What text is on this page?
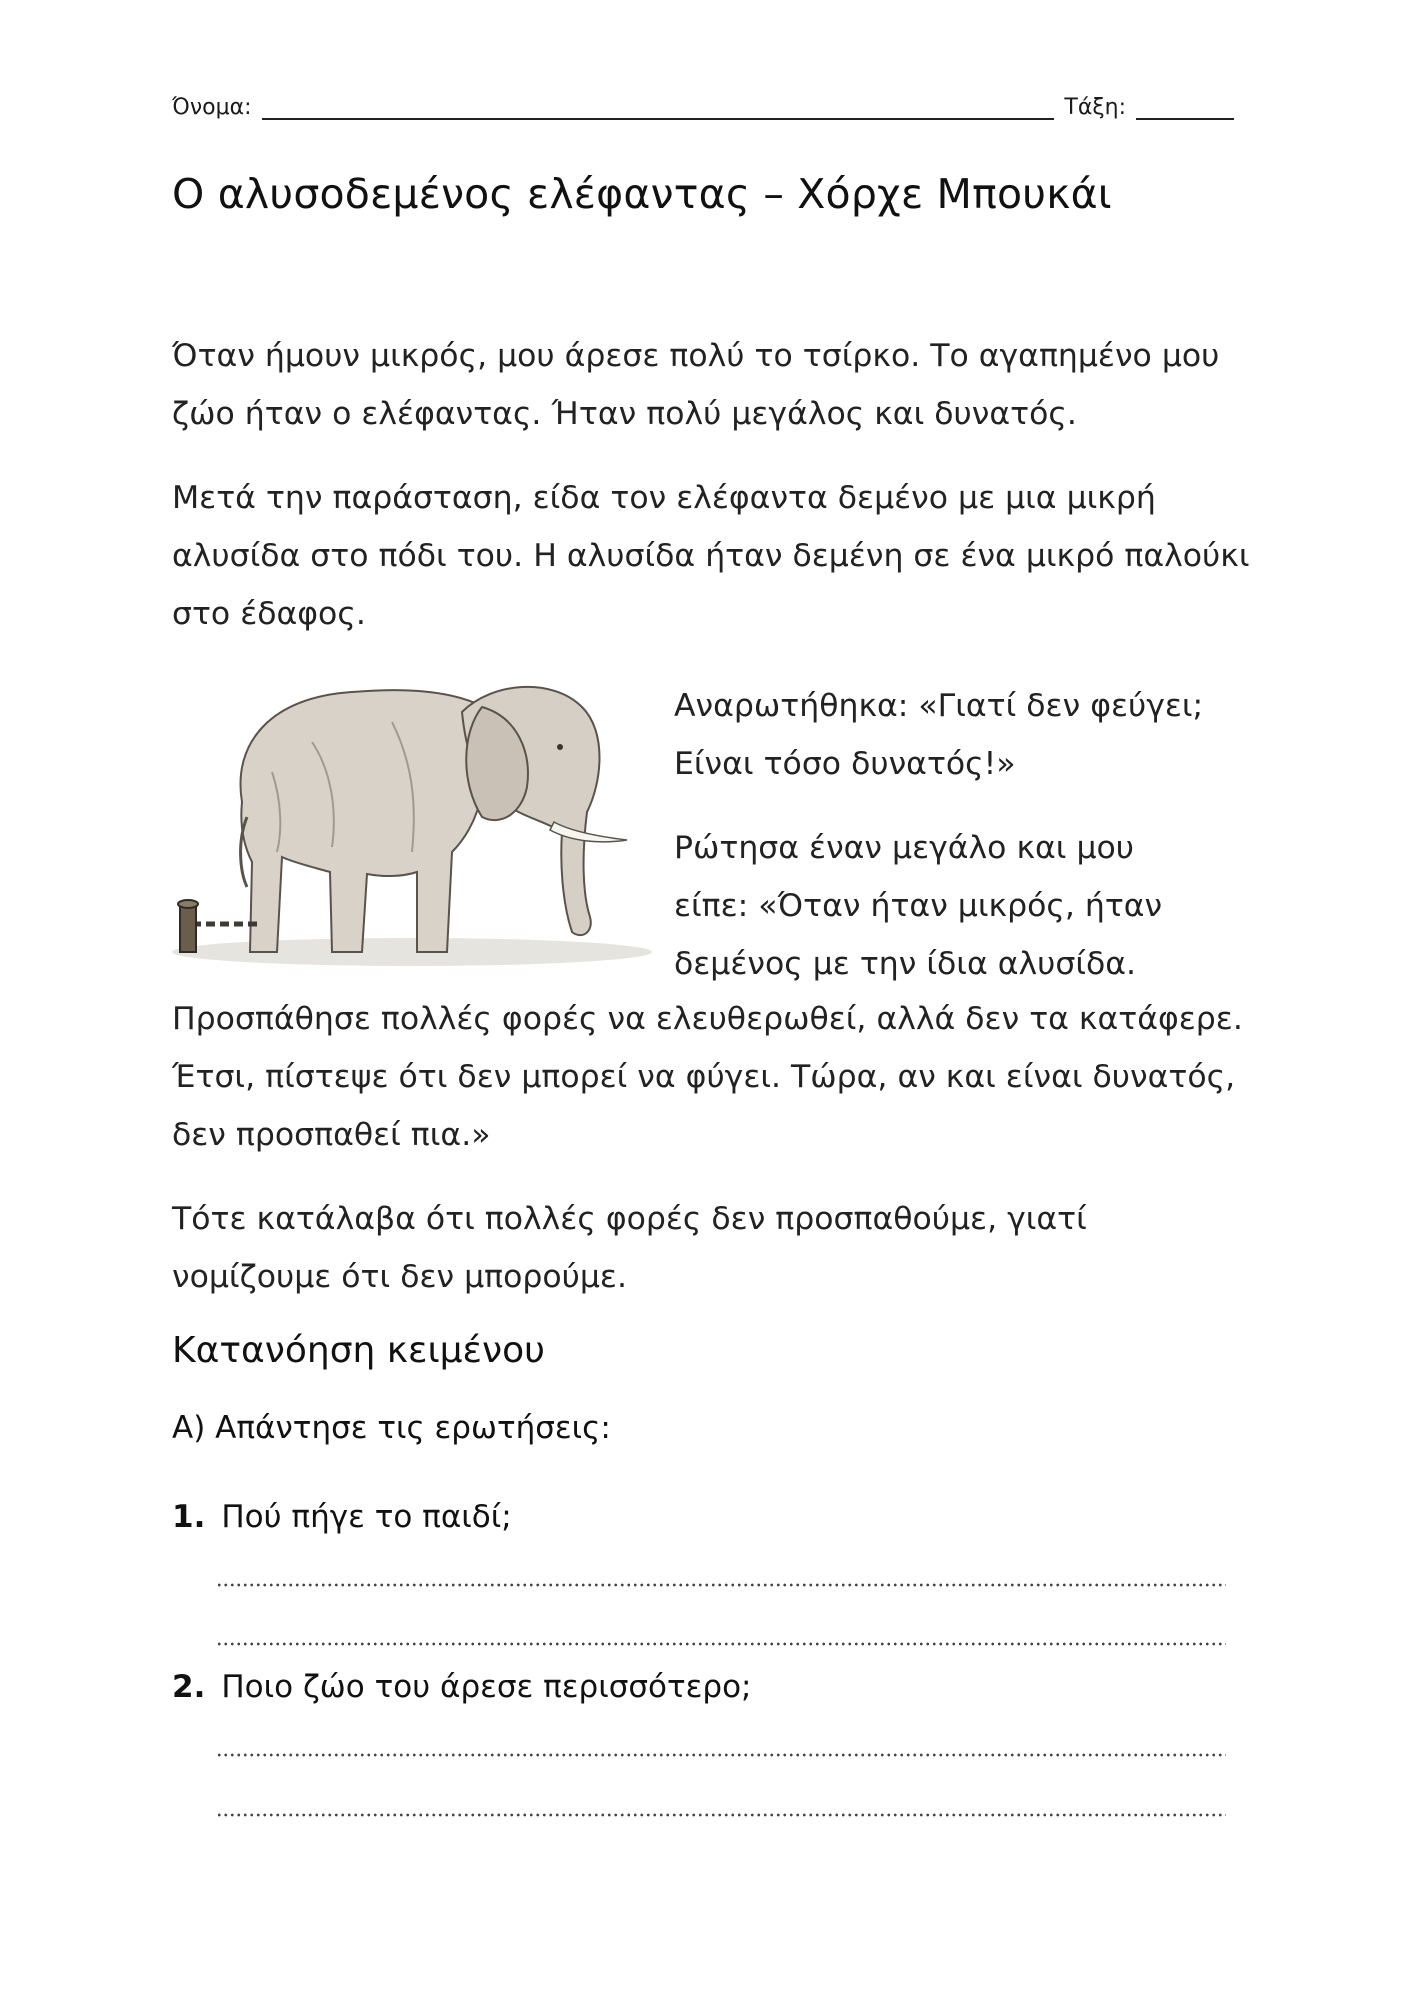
Όνομα:	Τάξη:
Ο αλυσοδεμένος ελέφαντας – Χόρχε Μπουκάι

Όταν ήμουν μικρός, μου άρεσε πολύ το τσίρκο. Το αγαπημένο μου ζώο ήταν ο ελέφαντας. Ήταν πολύ μεγάλος και δυνατός.

Μετά την παράσταση, είδα τον ελέφαντα δεμένο με μια μικρή αλυσίδα στο πόδι του. Η αλυσίδα ήταν δεμένη σε ένα μικρό παλούκι στο έδαφος.

Αναρωτήθηκα: «Γιατί δεν φεύγει;
Είναι τόσο δυνατός!»

Ρώτησα έναν μεγάλο και μου
είπε: «Όταν ήταν μικρός, ήταν
δεμένος με την ίδια αλυσίδα.

Προσπάθησε πολλές φορές να ελευθερωθεί, αλλά δεν τα κατάφερε. Έτσι, πίστεψε ότι δεν μπορεί να φύγει. Τώρα, αν και είναι δυνατός, δεν προσπαθεί πια.»

Τότε κατάλαβα ότι πολλές φορές δεν προσπαθούμε, γιατί νομίζουμε ότι δεν μπορούμε.

Κατανόηση κειμένου

Α) Απάντησε τις ερωτήσεις:

1. Πού πήγε το παιδί;
2. Ποιο ζώο του άρεσε περισσότερο;
